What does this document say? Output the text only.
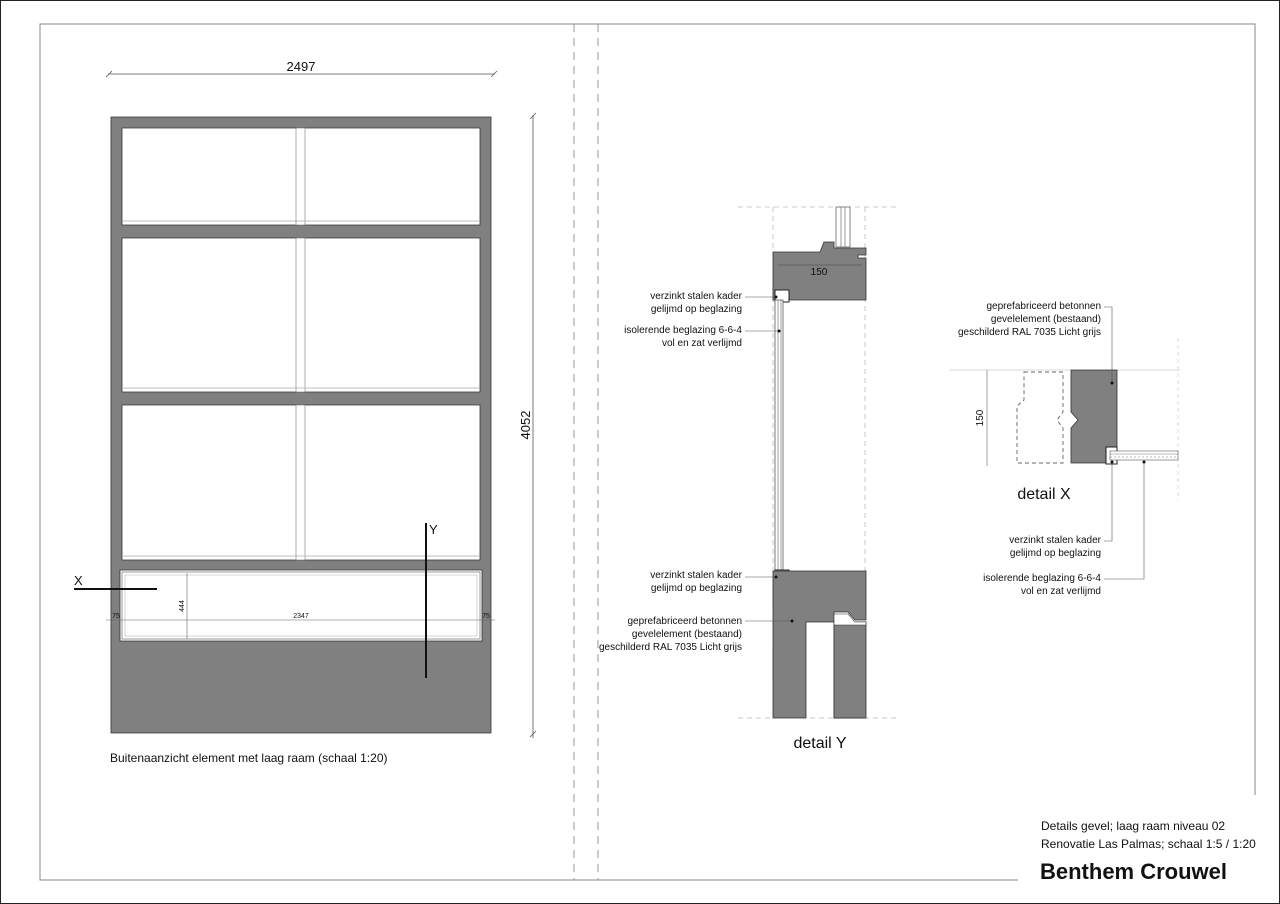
2497
4052
444
2347
75	75
X
Y
Buitenaanzicht element met laag raam (schaal 1:20)
150
verzinkt stalen kader
gelijmd op beglazing
isolerende beglazing 6-6-4
vol en zat verlijmd
verzinkt stalen kader
gelijmd op beglazing
geprefabriceerd betonnen
gevelelement (bestaand)
geschilderd RAL 7035 Licht grijs
detail Y
150
geprefabriceerd betonnen
gevelelement (bestaand)
geschilderd RAL 7035 Licht grijs
verzinkt stalen kader
gelijmd op beglazing
isolerende beglazing 6-6-4
vol en zat verlijmd
detail X
Details gevel; laag raam niveau 02
Renovatie Las Palmas; schaal 1:5 / 1:20
Benthem Crouwel
